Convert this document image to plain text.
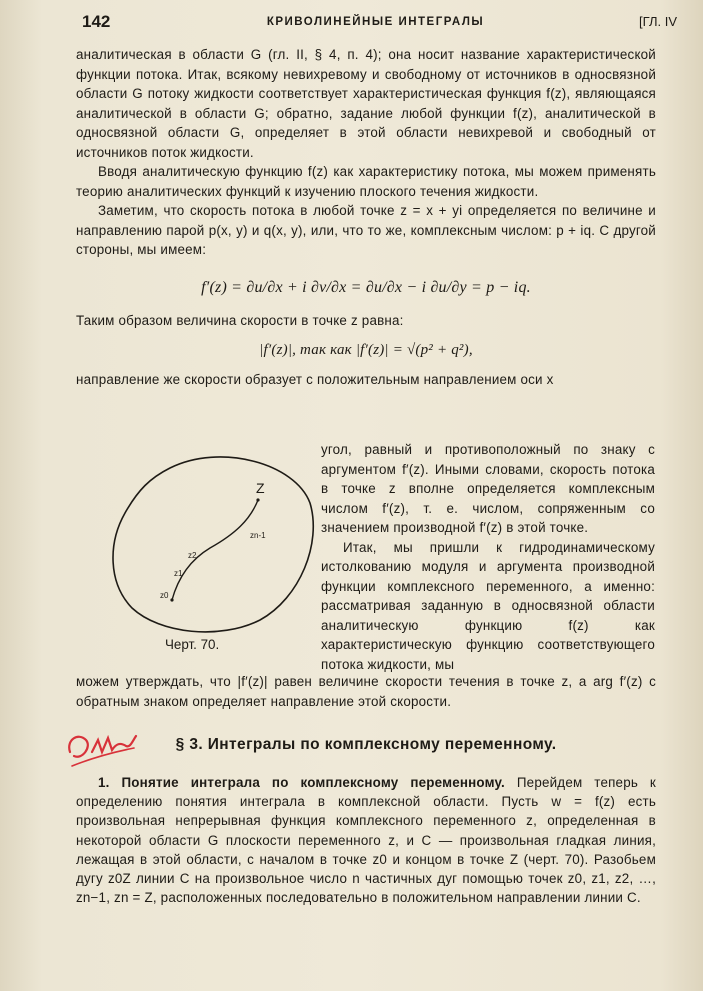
142	КРИВОЛИНЕЙНЫЕ ИНТЕГРАЛЫ	[ГЛ. IV

аналитическая в области G (гл. II, § 4, п. 4); она носит название характеристической функции потока. Итак, всякому невихревому и свободному от источников в односвязной области G потоку жидкости соответствует характеристическая функция f(z), являющаяся аналитической в области G; обратно, задание любой функции f(z), аналитической в односвязной области G, определяет в этой области невихревой и свободный от источников поток жидкости.

Вводя аналитическую функцию f(z) как характеристику потока, мы можем применять теорию аналитических функций к изучению плоского течения жидкости.

Заметим, что скорость потока в любой точке z = x + yi определяется по величине и направлению парой p(x, y) и q(x, y), или, что то же, комплексным числом: p + iq. С другой стороны, мы имеем:

f′(z) = ∂u/∂x + i ∂v/∂x = ∂u/∂x − i ∂u/∂y = p − iq.

Таким образом величина скорости в точке z равна:

|f′(z)|, так как |f′(z)| = √(p² + q²),

направление же скорости образует с положительным направлением оси x

Z
zn-1
z2
z1
z0
Черт. 70.

угол, равный и противоположный по знаку с аргументом f′(z). Иными словами, скорость потока в точке z вполне определяется комплексным числом f′(z), т. е. числом, сопряженным со значением производной f′(z) в этой точке.

Итак, мы пришли к гидродинамическому истолкованию модуля и аргумента производной функции комплексного переменного, а именно: рассматривая заданную в односвязной области аналитическую функцию f(z) как характеристическую функцию соответствующего потока жидкости, мы

можем утверждать, что |f′(z)| равен величине скорости течения в точке z, а arg f′(z) с обратным знаком определяет направление этой скорости.

Отм
§ 3. Интегралы по комплексному переменному.

1. Понятие интеграла по комплексному переменному. Перейдем теперь к определению понятия интеграла в комплексной области. Пусть w = f(z) есть произвольная непрерывная функция комплексного переменного z, определенная в некоторой области G плоскости переменного z, и C — произвольная гладкая линия, лежащая в этой области, с началом в точке z0 и концом в точке Z (черт. 70). Разобьем дугу z0Z линии C на произвольное число n частичных дуг помощью точек z0, z1, z2, …, zn−1, zn = Z, расположенных последовательно в положительном направлении линии C.
